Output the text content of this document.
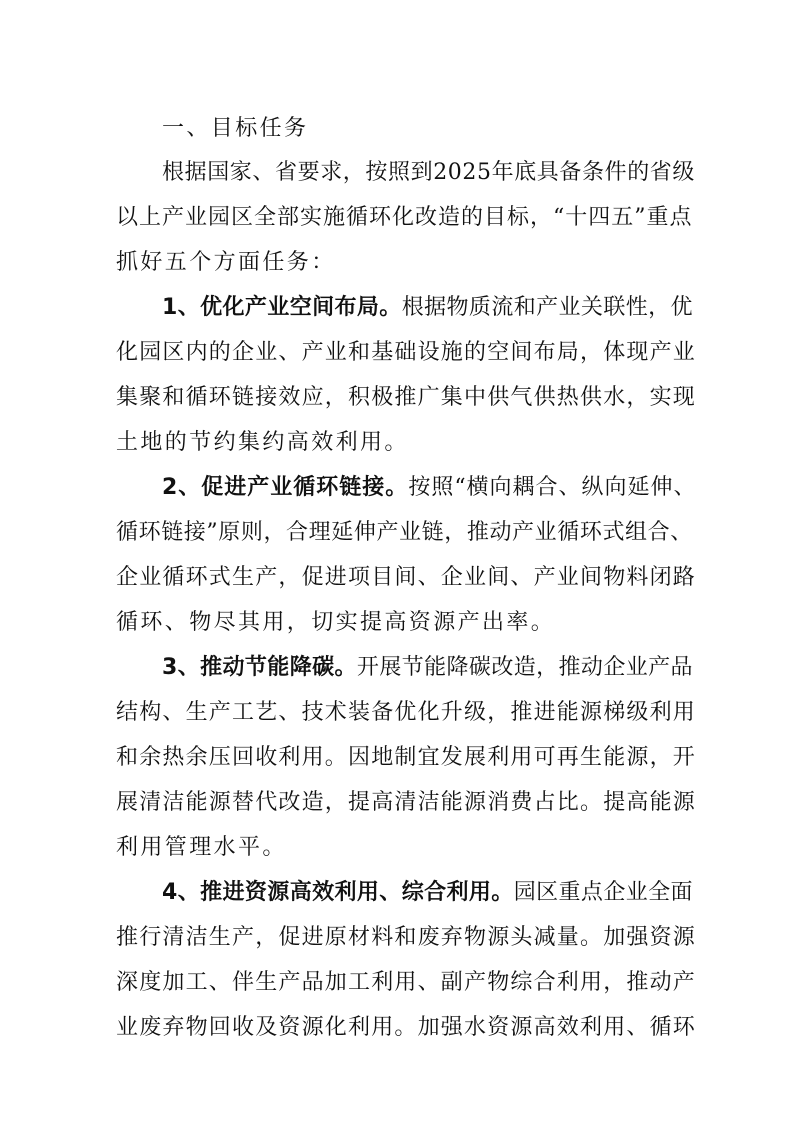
一、目标任务
根据国家、省要求，按照到2025年底具备条件的省级
以上产业园区全部实施循环化改造的目标，“十四五”重点
抓好五个方面任务：
1、优化产业空间布局。根据物质流和产业关联性，优
化园区内的企业、产业和基础设施的空间布局，体现产业
集聚和循环链接效应，积极推广集中供气供热供水，实现
土地的节约集约高效利用。
2、促进产业循环链接。按照“横向耦合、纵向延伸、
循环链接”原则，合理延伸产业链，推动产业循环式组合、
企业循环式生产，促进项目间、企业间、产业间物料闭路
循环、物尽其用，切实提高资源产出率。
3、推动节能降碳。开展节能降碳改造，推动企业产品
结构、生产工艺、技术装备优化升级，推进能源梯级利用
和余热余压回收利用。因地制宜发展利用可再生能源，开
展清洁能源替代改造，提高清洁能源消费占比。提高能源
利用管理水平。
4、推进资源高效利用、综合利用。园区重点企业全面
推行清洁生产，促进原材料和废弃物源头减量。加强资源
深度加工、伴生产品加工利用、副产物综合利用，推动产
业废弃物回收及资源化利用。加强水资源高效利用、循环
